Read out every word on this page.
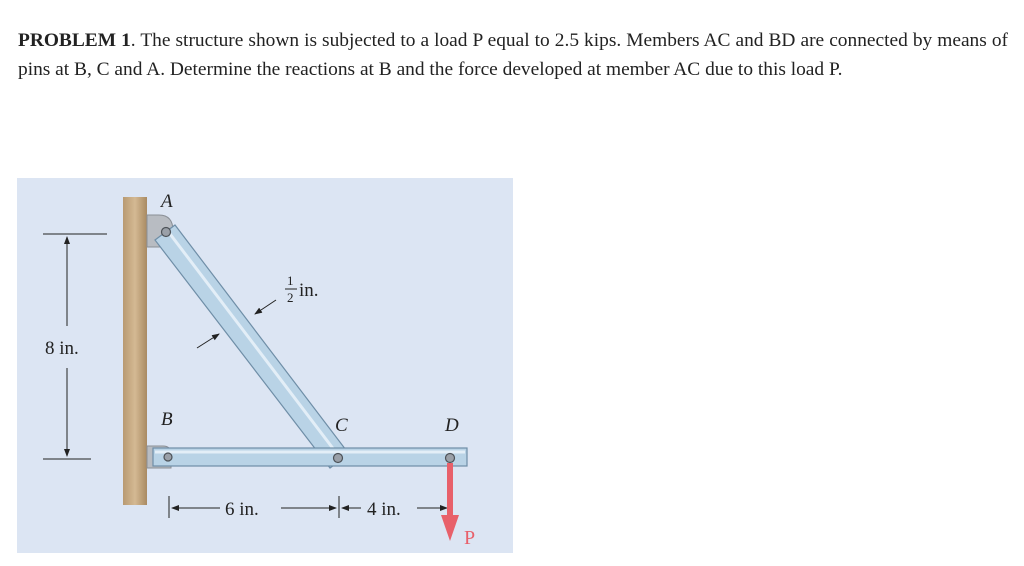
PROBLEM 1. The structure shown is subjected to a load P equal to 2.5 kips. Members AC and BD are connected by means of pins at B, C and A. Determine the reactions at B and the force developed at member AC due to this load P.
A
B	C	D
8 in.
6 in.	4 in.
1
2 in.
P
